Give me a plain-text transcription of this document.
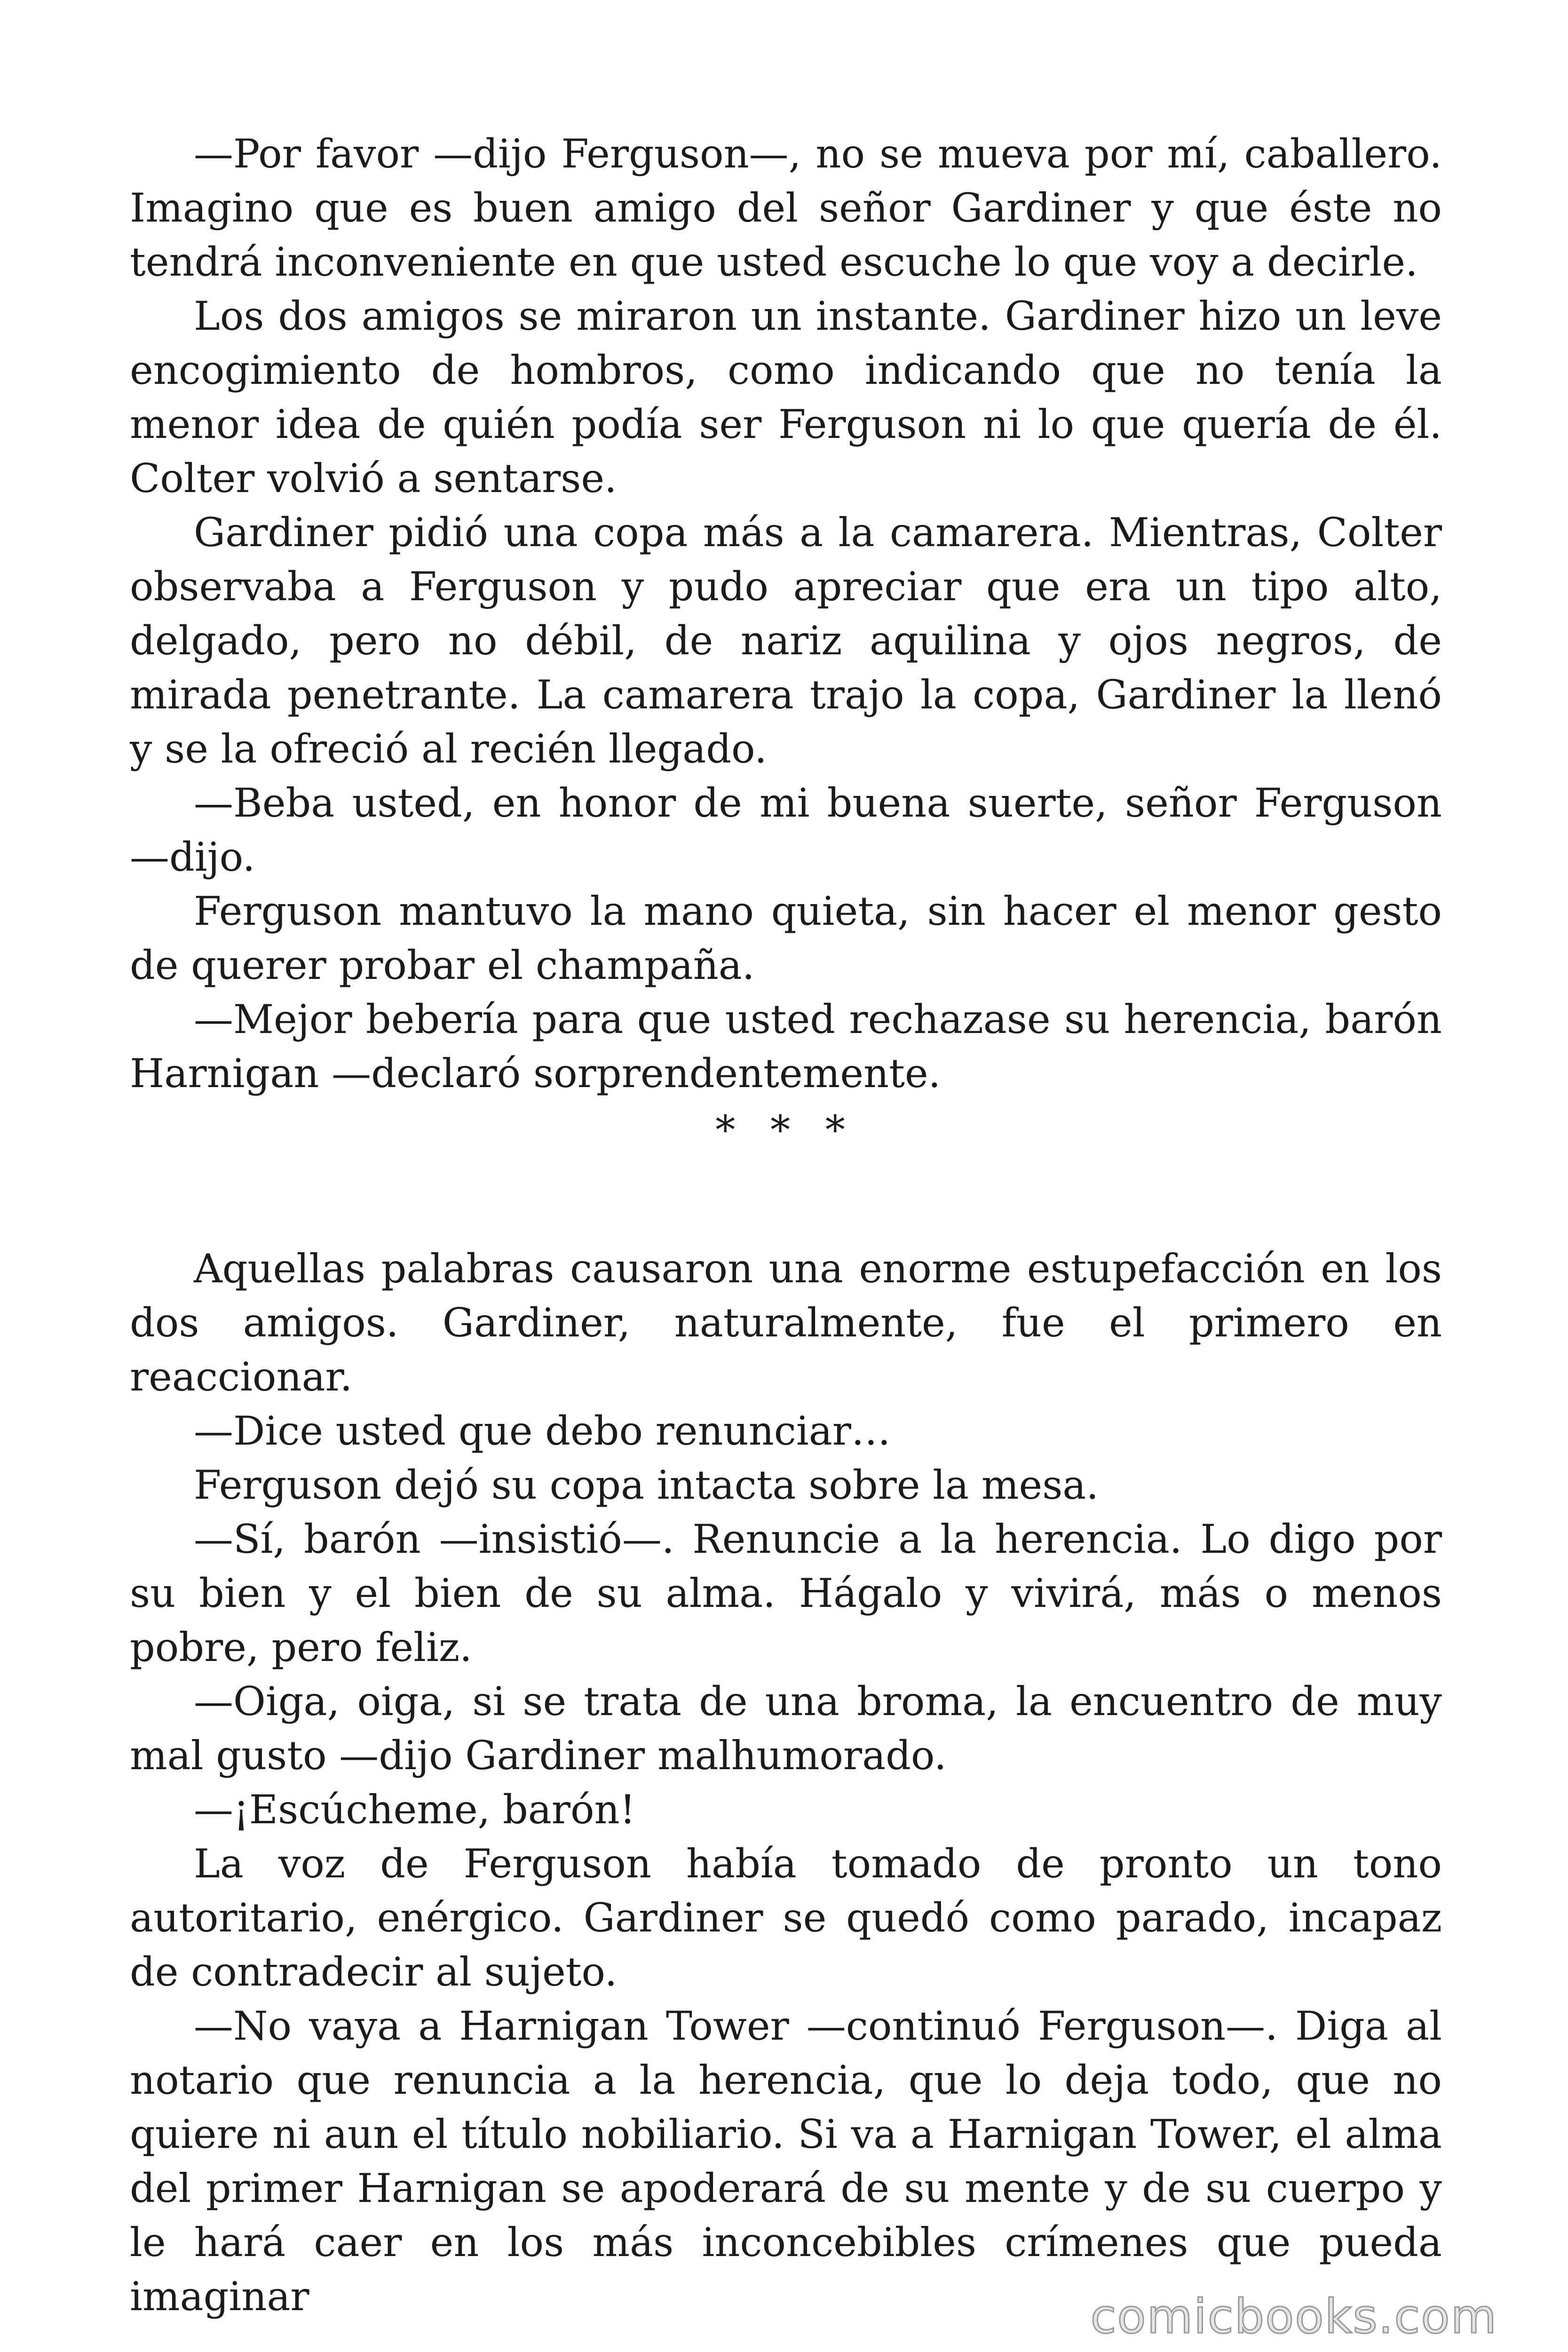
—Por favor —dijo Ferguson—, no se mueva por mí, caballero. Imagino que es buen amigo del señor Gardiner y que éste no tendrá inconveniente en que usted escuche lo que voy a decirle.

Los dos amigos se miraron un instante. Gardiner hizo un leve encogimiento de hombros, como indicando que no tenía la menor idea de quién podía ser Ferguson ni lo que quería de él. Colter volvió a sentarse.

Gardiner pidió una copa más a la camarera. Mientras, Colter observaba a Ferguson y pudo apreciar que era un tipo alto, delgado, pero no débil, de nariz aquilina y ojos negros, de mirada penetrante. La camarera trajo la copa, Gardiner la llenó y se la ofreció al recién llegado.

—Beba usted, en honor de mi buena suerte, señor Ferguson —dijo.

Ferguson mantuvo la mano quieta, sin hacer el menor gesto de querer probar el champaña.

—Mejor bebería para que usted rechazase su herencia, barón Harnigan —declaró sorprendentemente.

* * *

Aquellas palabras causaron una enorme estupefacción en los dos amigos. Gardiner, naturalmente, fue el primero en reaccionar.

—Dice usted que debo renunciar…

Ferguson dejó su copa intacta sobre la mesa.

—Sí, barón —insistió—. Renuncie a la herencia. Lo digo por su bien y el bien de su alma. Hágalo y vivirá, más o menos pobre, pero feliz.

—Oiga, oiga, si se trata de una broma, la encuentro de muy mal gusto —dijo Gardiner malhumorado.

—¡Escúcheme, barón!

La voz de Ferguson había tomado de pronto un tono autoritario, enérgico. Gardiner se quedó como parado, incapaz de contradecir al sujeto.

—No vaya a Harnigan Tower —continuó Ferguson—. Diga al notario que renuncia a la herencia, que lo deja todo, que no quiere ni aun el título nobiliario. Si va a Harnigan Tower, el alma del primer Harnigan se apoderará de su mente y de su cuerpo y le hará caer en los más inconcebibles crímenes que pueda imaginar	comicbooks.com
